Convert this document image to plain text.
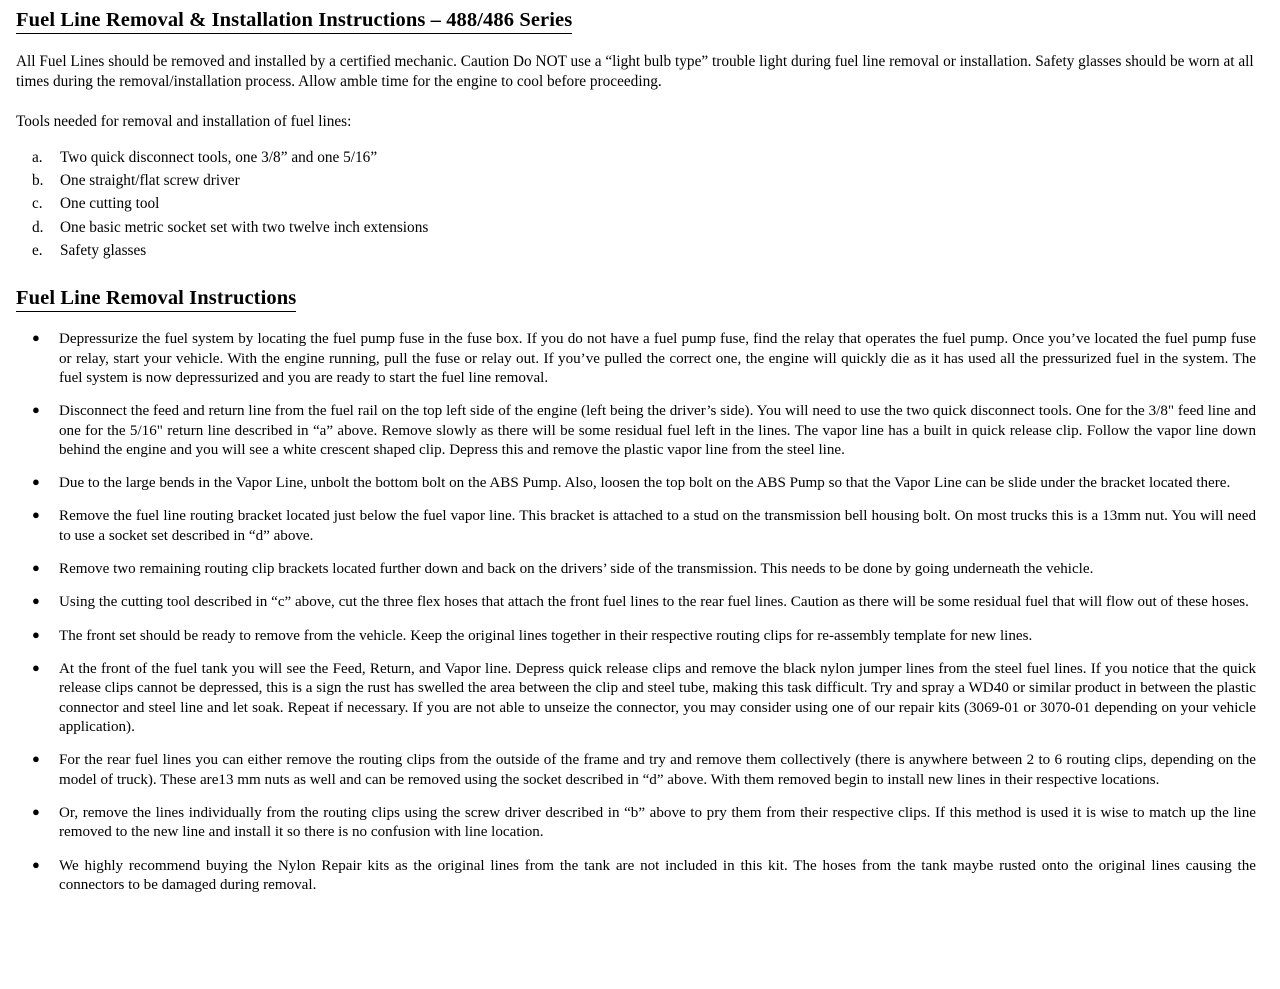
Fuel Line Removal & Installation Instructions – 488/486 Series

All Fuel Lines should be removed and installed by a certified mechanic. Caution Do NOT use a “light bulb type” trouble light during fuel line removal or installation. Safety glasses should be worn at all times during the removal/installation process. Allow amble time for the engine to cool before proceeding.

Tools needed for removal and installation of fuel lines:

a. Two quick disconnect tools, one 3/8” and one 5/16”
b. One straight/flat screw driver
c. One cutting tool
d. One basic metric socket set with two twelve inch extensions
e. Safety glasses
Fuel Line Removal Instructions
● Depressurize the fuel system by locating the fuel pump fuse in the fuse box. If you do not have a fuel pump fuse, find the relay that operates the fuel pump. Once you’ve located the fuel pump fuse or relay, start your vehicle. With the engine running, pull the fuse or relay out. If you’ve pulled the correct one, the engine will quickly die as it has used all the pressurized fuel in the system. The fuel system is now depressurized and you are ready to start the fuel line removal.
● Disconnect the feed and return line from the fuel rail on the top left side of the engine (left being the driver’s side). You will need to use the two quick disconnect tools. One for the 3/8" feed line and one for the 5/16" return line described in “a” above. Remove slowly as there will be some residual fuel left in the lines. The vapor line has a built in quick release clip. Follow the vapor line down behind the engine and you will see a white crescent shaped clip. Depress this and remove the plastic vapor line from the steel line.
● Due to the large bends in the Vapor Line, unbolt the bottom bolt on the ABS Pump. Also, loosen the top bolt on the ABS Pump so that the Vapor Line can be slide under the bracket located there.
● Remove the fuel line routing bracket located just below the fuel vapor line. This bracket is attached to a stud on the transmission bell housing bolt. On most trucks this is a 13mm nut. You will need to use a socket set described in “d” above.
● Remove two remaining routing clip brackets located further down and back on the drivers’ side of the transmission. This needs to be done by going underneath the vehicle.
● Using the cutting tool described in “c” above, cut the three flex hoses that attach the front fuel lines to the rear fuel lines. Caution as there will be some residual fuel that will flow out of these hoses.
● The front set should be ready to remove from the vehicle. Keep the original lines together in their respective routing clips for re-assembly template for new lines.
● At the front of the fuel tank you will see the Feed, Return, and Vapor line. Depress quick release clips and remove the black nylon jumper lines from the steel fuel lines. If you notice that the quick release clips cannot be depressed, this is a sign the rust has swelled the area between the clip and steel tube, making this task difficult. Try and spray a WD40 or similar product in between the plastic connector and steel line and let soak. Repeat if necessary. If you are not able to unseize the connector, you may consider using one of our repair kits (3069-01 or 3070-01 depending on your vehicle application).
● For the rear fuel lines you can either remove the routing clips from the outside of the frame and try and remove them collectively (there is anywhere between 2 to 6 routing clips, depending on the model of truck). These are13 mm nuts as well and can be removed using the socket described in “d” above. With them removed begin to install new lines in their respective locations.
● Or, remove the lines individually from the routing clips using the screw driver described in “b” above to pry them from their respective clips. If this method is used it is wise to match up the line removed to the new line and install it so there is no confusion with line location.
● We highly recommend buying the Nylon Repair kits as the original lines from the tank are not included in this kit. The hoses from the tank maybe rusted onto the original lines causing the connectors to be damaged during removal.
